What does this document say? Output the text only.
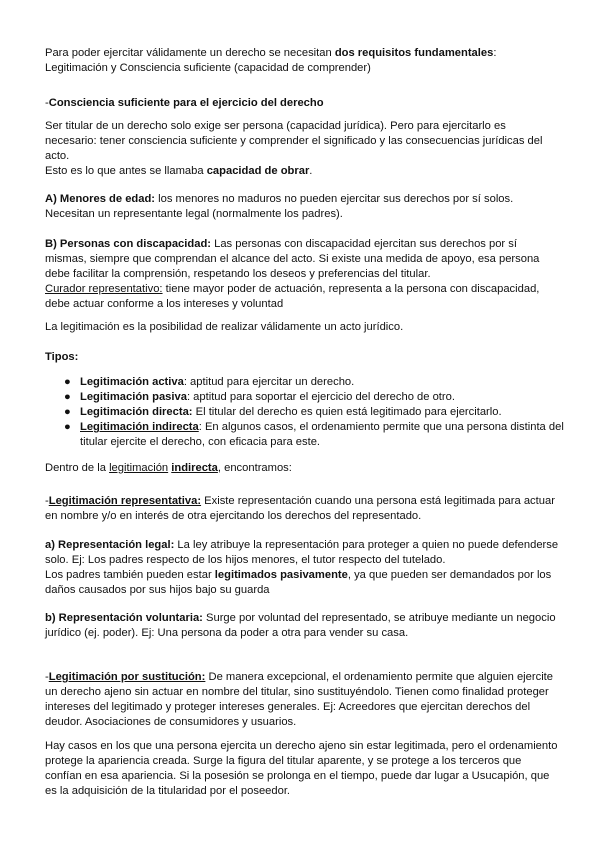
Para poder ejercitar válidamente un derecho se necesitan dos requisitos fundamentales:

Legitimación y Consciencia suficiente (capacidad de comprender)

-Consciencia suficiente para el ejercicio del derecho

Ser titular de un derecho solo exige ser persona (capacidad jurídica). Pero para ejercitarlo es necesario: tener consciencia suficiente y comprender el significado y las consecuencias jurídicas del acto.

Esto es lo que antes se llamaba capacidad de obrar.

A) Menores de edad: los menores no maduros no pueden ejercitar sus derechos por sí solos. Necesitan un representante legal (normalmente los padres).

B) Personas con discapacidad: Las personas con discapacidad ejercitan sus derechos por sí mismas, siempre que comprendan el alcance del acto. Si existe una medida de apoyo, esa persona debe facilitar la comprensión, respetando los deseos y preferencias del titular.

Curador representativo: tiene mayor poder de actuación, representa a la persona con discapacidad, debe actuar conforme a los intereses y voluntad

La legitimación es la posibilidad de realizar válidamente un acto jurídico.

Tipos:

● Legitimación activa: aptitud para ejercitar un derecho.
● Legitimación pasiva: aptitud para soportar el ejercicio del derecho de otro.
● Legitimación directa: El titular del derecho es quien está legitimado para ejercitarlo.
● Legitimación indirecta: En algunos casos, el ordenamiento permite que una persona distinta del titular ejercite el derecho, con eficacia para este.

Dentro de la legitimación indirecta, encontramos:

-Legitimación representativa: Existe representación cuando una persona está legitimada para actuar en nombre y/o en interés de otra ejercitando los derechos del representado.

a) Representación legal: La ley atribuye la representación para proteger a quien no puede defenderse solo. Ej: Los padres respecto de los hijos menores, el tutor respecto del tutelado.

Los padres también pueden estar legitimados pasivamente, ya que pueden ser demandados por los daños causados por sus hijos bajo su guarda

b) Representación voluntaria: Surge por voluntad del representado, se atribuye mediante un negocio jurídico (ej. poder). Ej: Una persona da poder a otra para vender su casa.

-Legitimación por sustitución: De manera excepcional, el ordenamiento permite que alguien ejercite un derecho ajeno sin actuar en nombre del titular, sino sustituyéndolo. Tienen como finalidad proteger intereses del legitimado y proteger intereses generales. Ej: Acreedores que ejercitan derechos del deudor. Asociaciones de consumidores y usuarios.

Hay casos en los que una persona ejercita un derecho ajeno sin estar legitimada, pero el ordenamiento protege la apariencia creada. Surge la figura del titular aparente, y se protege a los terceros que confían en esa apariencia. Si la posesión se prolonga en el tiempo, puede dar lugar a Usucapión, que es la adquisición de la titularidad por el poseedor.
